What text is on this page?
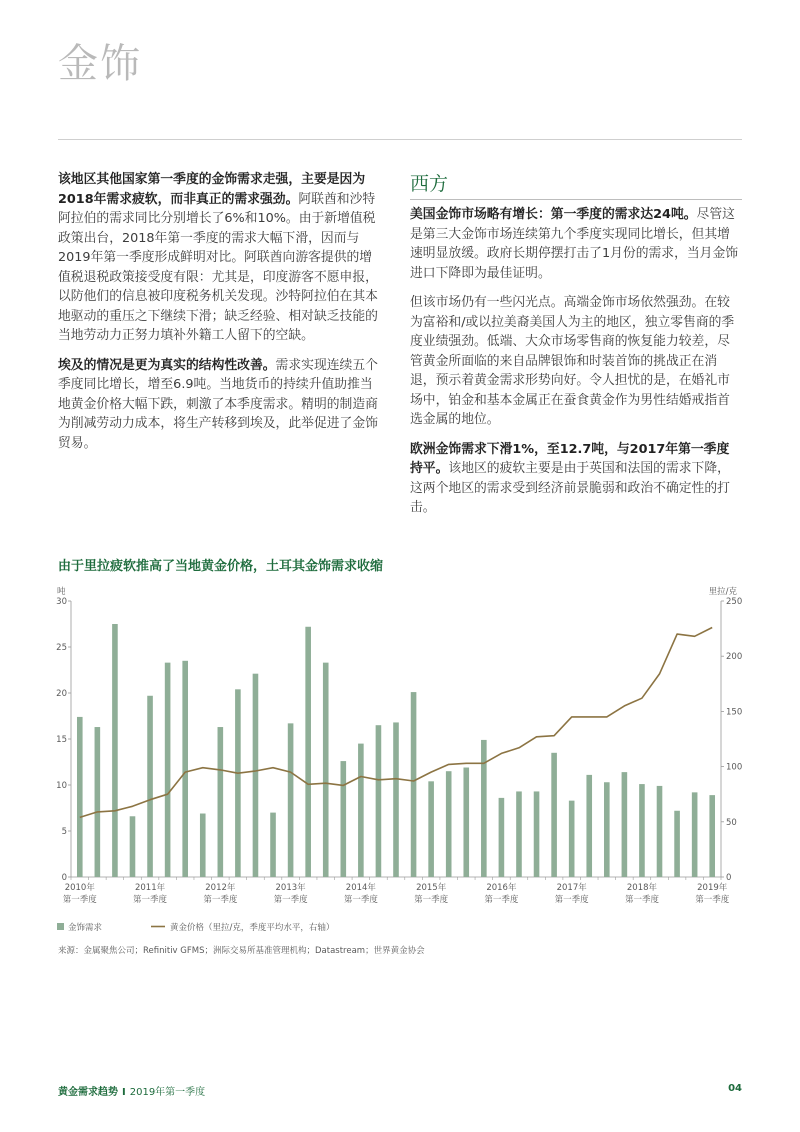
金饰

该地区其他国家第一季度的金饰需求走强，主要是因为2018年需求疲软，而非真正的需求强劲。阿联酋和沙特阿拉伯的需求同比分别增长了6%和10%。由于新增值税政策出台，2018年第一季度的需求大幅下滑，因而与2019年第一季度形成鲜明对比。阿联酋向游客提供的增值税退税政策接受度有限：尤其是，印度游客不愿申报，以防他们的信息被印度税务机关发现。沙特阿拉伯在其本地驱动的重压之下继续下滑；缺乏经验、相对缺乏技能的当地劳动力正努力填补外籍工人留下的空缺。

埃及的情况是更为真实的结构性改善。需求实现连续五个季度同比增长，增至6.9吨。当地货币的持续升值助推当地黄金价格大幅下跌，刺激了本季度需求。精明的制造商为削减劳动力成本，将生产转移到埃及，此举促进了金饰贸易。

西方

美国金饰市场略有增长：第一季度的需求达24吨。尽管这是第三大金饰市场连续第九个季度实现同比增长，但其增速明显放缓。政府长期停摆打击了1月份的需求，当月金饰进口下降即为最佳证明。

但该市场仍有一些闪光点。高端金饰市场依然强劲。在较为富裕和/或以拉美裔美国人为主的地区，独立零售商的季度业绩强劲。低端、大众市场零售商的恢复能力较差，尽管黄金所面临的来自品牌银饰和时装首饰的挑战正在消退，预示着黄金需求形势向好。令人担忧的是，在婚礼市场中，铂金和基本金属正在蚕食黄金作为男性结婚戒指首选金属的地位。

欧洲金饰需求下滑1%，至12.7吨，与2017年第一季度持平。该地区的疲软主要是由于英国和法国的需求下降，这两个地区的需求受到经济前景脆弱和政治不确定性的打击。

由于里拉疲软推高了当地黄金价格，土耳其金饰需求收缩
0
5
10
15
20
25
30
0
50
100
150
200
250
吨	里拉/克
2010年
第一季度
2011年
第一季度
2012年
第一季度
2013年
第一季度
2014年
第一季度
2015年
第一季度
2016年
第一季度
2017年
第一季度
2018年
第一季度
2019年
第一季度
金饰需求	黄金价格（里拉/克，季度平均水平，右轴）

来源：金属聚焦公司；Refinitiv GFMS；洲际交易所基准管理机构；Datastream；世界黄金协会

黄金需求趋势 I 2019年第一季度	04
